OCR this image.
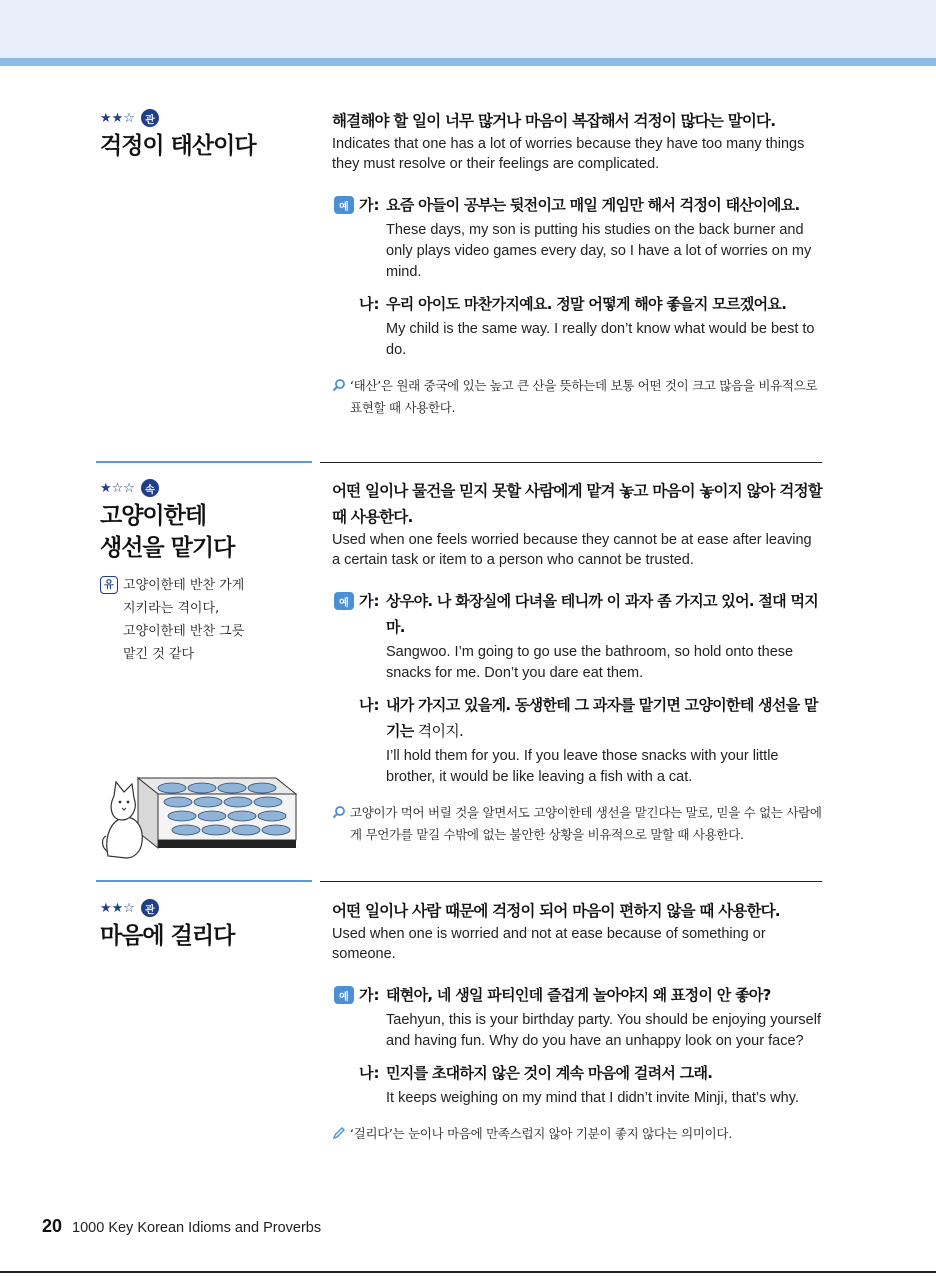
★★☆	관
걱정이 태산이다
해결해야 할 일이 너무 많거나 마음이 복잡해서 걱정이 많다는 말이다.
Indicates that one has a lot of worries because they have too many things they must resolve or their feelings are complicated.
예 가: 요즘 아들이 공부는 뒷전이고 매일 게임만 해서 걱정이 태산이에요.
These days, my son is putting his studies on the back burner and only plays video games every day, so I have a lot of worries on my mind.
나: 우리 아이도 마찬가지예요. 정말 어떻게 해야 좋을지 모르겠어요.
My child is the same way. I really don’t know what would be best to do.
‘태산’은 원래 중국에 있는 높고 큰 산을 뜻하는데 보통 어떤 것이 크고 많음을 비유적으로 표현할 때 사용한다.
★☆☆	속
고양이한테
생선을 맡기다
유 고양이한테 반찬 가게
지키라는 격이다,
고양이한테 반찬 그릇
맡긴 것 같다
어떤 일이나 물건을 믿지 못할 사람에게 맡겨 놓고 마음이 놓이지 않아 걱정할 때 사용한다.
Used when one feels worried because they cannot be at ease after leaving a certain task or item to a person who cannot be trusted.
예 가: 상우야. 나 화장실에 다녀올 테니까 이 과자 좀 가지고 있어. 절대 먹지 마.
Sangwoo. I’m going to go use the bathroom, so hold onto these snacks for me. Don’t you dare eat them.
나: 내가 가지고 있을게. 동생한테 그 과자를 맡기면 고양이한테 생선을 맡기는 격이지.
I’ll hold them for you. If you leave those snacks with your little brother, it would be like leaving a fish with a cat.
고양이가 먹어 버릴 것을 알면서도 고양이한테 생선을 맡긴다는 말로, 믿을 수 없는 사람에게 무언가를 맡길 수밖에 없는 불안한 상황을 비유적으로 말할 때 사용한다.
★★☆	관
마음에 걸리다
어떤 일이나 사람 때문에 걱정이 되어 마음이 편하지 않을 때 사용한다.
Used when one is worried and not at ease because of something or someone.
예 가: 태현아, 네 생일 파티인데 즐겁게 놀아야지 왜 표정이 안 좋아?
Taehyun, this is your birthday party. You should be enjoying yourself and having fun. Why do you have an unhappy look on your face?
나: 민지를 초대하지 않은 것이 계속 마음에 걸려서 그래.
It keeps weighing on my mind that I didn’t invite Minji, that’s why.
‘걸리다’는 눈이나 마음에 만족스럽지 않아 기분이 좋지 않다는 의미이다.
20 1000 Key Korean Idioms and Proverbs
